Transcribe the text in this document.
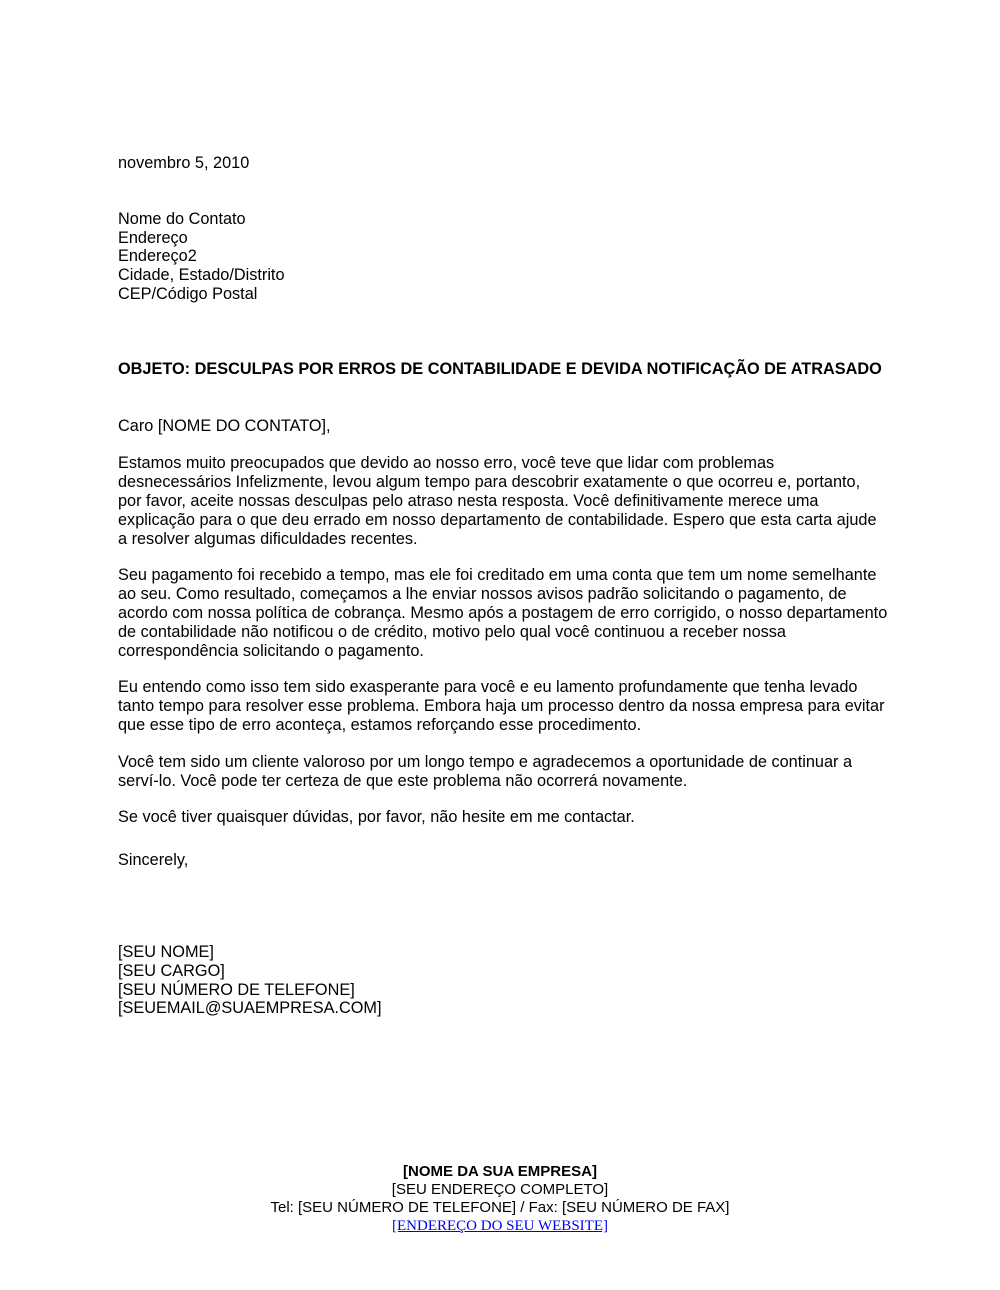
novembro 5, 2010
Nome do Contato
Endereço
Endereço2
Cidade, Estado/Distrito
CEP/Código Postal
OBJETO: DESCULPAS POR ERROS DE CONTABILIDADE E DEVIDA NOTIFICAÇÃO DE ATRASADO
Caro [NOME DO CONTATO],
Estamos muito preocupados que devido ao nosso erro, você teve que lidar com problemas desnecessários Infelizmente, levou algum tempo para descobrir exatamente o que ocorreu e, portanto, por favor, aceite nossas desculpas pelo atraso nesta resposta. Você definitivamente merece uma explicação para o que deu errado em nosso departamento de contabilidade. Espero que esta carta ajude a resolver algumas dificuldades recentes.
Seu pagamento foi recebido a tempo, mas ele foi creditado em uma conta que tem um nome semelhante ao seu. Como resultado, começamos a lhe enviar nossos avisos padrão solicitando o pagamento, de acordo com nossa política de cobrança. Mesmo após a postagem de erro corrigido, o nosso departamento de contabilidade não notificou o de crédito, motivo pelo qual você continuou a receber nossa correspondência solicitando o pagamento.
Eu entendo como isso tem sido exasperante para você e eu lamento profundamente que tenha levado tanto tempo para resolver esse problema. Embora haja um processo dentro da nossa empresa para evitar que esse tipo de erro aconteça, estamos reforçando esse procedimento.
Você tem sido um cliente valoroso por um longo tempo e agradecemos a oportunidade de continuar a serví-lo. Você pode ter certeza de que este problema não ocorrerá novamente.
Se você tiver quaisquer dúvidas, por favor, não hesite em me contactar.
Sincerely,
[SEU NOME]
[SEU CARGO]
[SEU NÚMERO DE TELEFONE]
[SEUEMAIL@SUAEMPRESA.COM]
[NOME DA SUA EMPRESA]
[SEU ENDEREÇO COMPLETO]
Tel: [SEU NÚMERO DE TELEFONE] / Fax: [SEU NÚMERO DE FAX]
[ENDEREÇO DO SEU WEBSITE]
